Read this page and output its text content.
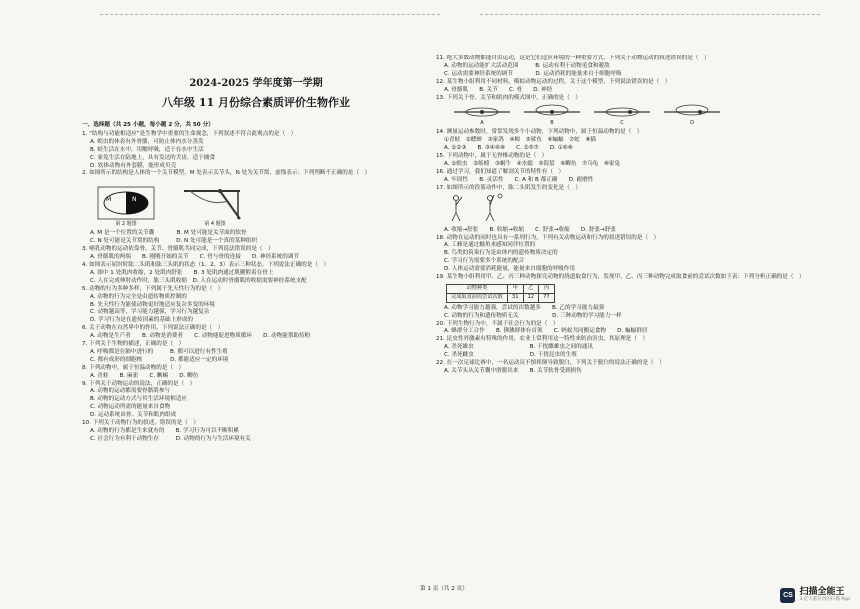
2024-2025 学年度第一学期
八年级 11 月份综合素质评价生物作业
一、选择题（共 25 小题，每小题 2 分，共 50 分）
1. “结构与功能相适应”是生物学中重要的生命观念，下列叙述不符合此观点的是（　）
A. 蝗虫的体表有外骨骼，可防止体内水分蒸发
B. 蛙生活在水中，用鳃呼吸，适于在水中生活
C. 家兔生活在陆地上，具有发达的犬齿，适于捕食
D. 软体动物有外套膜，能形成贝壳
2. 如图所示的结构是人体的一个关节模型，M 处表示关节头，N 处为关节窝，虚线表示：下列判断不正确的是（　）
M	N
第 2 题图	第 4 题图
A. M 是一个位置的关节囊　　　　B. M 处可能是关节面的软骨
C. N 处可能是关节窝的结构　　　D. N 处可能是一个真的某种组织
3. 哺乳动物的运动依靠骨、关节、骨骼肌共同完成，下列说法错误的是（　）
A. 骨骼肌的两端　　B. 刚刚开始的关节　　C. 骨与骨的连接　　D. 神经系统的调节
4. 如图表示屈肘时肱二头肌和肱三头肌的状态（1、2、3）表示三种状态，下列说法正确的是（　）
A. 图中 1 处肌肉收缩，2 处肌肉舒张　　B. 3 处肌肉通过肌腱附着在骨上
C. 人在完成伸肘动作时，肱三头肌收缩　D. 人在运动时骨骼肌的收缩需要神经系统支配
5. 动物的行为多种多样，下列属于先天性行为的是（　）
A. 动物的行为完全是由遗传物质控制的
B. 先天性行为能使动物更好地适应复杂多变的环境
C. 动物越高等，学习能力越强，学习行为越复杂
D. 学习行为是在遗传因素的基础上形成的
6. 关于动物在自然界中的作用，下列说法正确的是（　）
A. 动物是生产者　　B. 动物是消费者　　C. 动物能促进物质循环　　D. 动物能帮助传粉
7. 下列关于生物的描述，正确的是（　）
A. 呼吸都是在肺中进行的　　　B. 都可以进行有性生殖
C. 都有成形的细胞核　　　　　D. 都能适应一定的环境
8. 下列动物中，属于恒温动物的是（　）
A. 青蛙　　B. 麻雀　　C. 蜥蜴　　D. 鲫鱼
9. 下列关于动物运动的说法，正确的是（　）
A. 动物的运动都需要骨骼肌参与
B. 动物的运动方式与其生活环境相适应
C. 动物运动所需的能量来自食物
D. 运动系统由骨、关节和肌肉组成
10. 下列关于动物行为的叙述，错误的是（　）
A. 动物的行为都是生来就有的　　B. 学习行为可以不断积累
C. 社会行为有利于动物生存　　　D. 动物的行为与生活环境有关
11. 绝大多数动物都能自由运动，这是它们适应环境的一种重要方式，下列关于动物运动的叙述错误的是（　）
A. 动物的运动能扩大活动范围　　　B. 运动有利于动物觅食和避敌
C. 运动需要神经系统的调节　　　　D. 运动消耗的能量来自于细胞呼吸
12. 某生物小组利用不同材料，模拟动物运动的过程，关于这个模型，下列说法错误的是（　）
A. 骨骼肌　　B. 关节　　C. 骨　　D. 神经
13. 下列关于骨、关节和肌肉的模式图中，正确的是（　）
A	B	C	D
14. 测量运动参数时，常常发现多个小动物，下列动物中，属于恒温动物的是（　）
①青蛙　②蟋蟀　③家鸽　④鲸　⑤鲨鱼　⑥蝙蝠　⑦蛇　⑧猫
A. ①②③　　B. ③④⑥⑧　　C. ②⑤⑦　　D. ①⑥⑧
15. 下列动物中，属于无脊椎动物的是（　）
A. ①蝗虫　②蚯蚓　③蜗牛　④水螅　⑤海蜇　⑥鲫鱼　⑦乌龟　⑧家兔
16. 通过学习，我们知道了解剖关节的特性有（　）
A. 牢固性　　B. 灵活性　　C. A 和 B 都正确　　D. 耐磨性
17. 如图所示的投篮动作中，肱二头肌发生的变化是（　）
A. 收缩→舒张　　B. 收缩→收缩　　C. 舒张→收缩　　D. 舒张→舒张
18. 动物在运动的同时也具有一系列行为，下列有关动物运动和行为的叙述错误的是（　）
A. 工蜂是通过触角来感知同伴位置的
B. 鸟类的筑巢行为是由体内的遗传物质决定的
C. 学习行为需要多个系统的配合
D. 人体运动需要消耗能量，能量来自细胞的呼吸作用
19. 某生物小组利用甲、乙、丙三种动物探究动物的绕道取食行为，发现甲、乙、丙三种动物完成取食前的尝试次数如下表：下列分析正确的是（　）
动物种类	甲	乙	丙
完成取食前的尝试次数	31	12	77
A. 动物学习能力越强，尝试的次数越多　　B. 乙的学习能力最强
C. 动物的行为和遗传物质无关　　　　　　D. 三种动物的学习能力一样
20. 下列生物行为中，不属于社会行为的是（　）
A. 蜂群分工合作　　B. 狒狒群体有首领　　C. 蚂蚁共同搬运食物　　D. 蝙蝠群居
21. 昆虫性外激素有特殊的作用，农业上常利用这一特性来防治害虫，其原理是（　）
A. 杀死雄虫　　　　　　　　　　B. 干扰雌雄虫之间的通讯
C. 杀死雌虫　　　　　　　　　　D. 干扰昆虫的生殖
22. 在一次足球比赛中，一名运动员不慎摔倒导致脱臼，下列关于脱臼的说法正确的是（　）
A. 关节头从关节囊中滑脱出来　　B. 关节软骨受到损伤
第 1 页（共 2 页）
CS 扫描全能王
3 亿人都在用的扫描 App
